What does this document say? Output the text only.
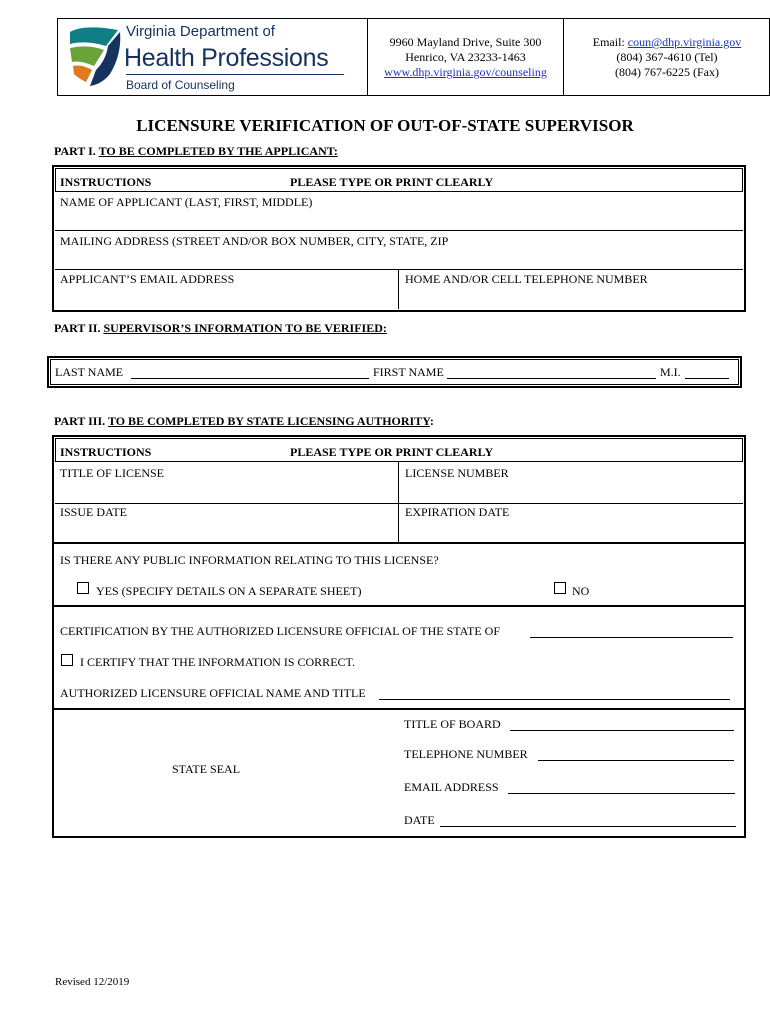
Virginia Department of
Health Professions
Board of Counseling
9960 Mayland Drive, Suite 300
Henrico, VA 23233-1463
www.dhp.virginia.gov/counseling
Email: coun@dhp.virginia.gov
(804) 367-4610 (Tel)
(804) 767-6225 (Fax)
LICENSURE VERIFICATION OF OUT-OF-STATE SUPERVISOR
PART I. TO BE COMPLETED BY THE APPLICANT:
INSTRUCTIONS	PLEASE TYPE OR PRINT CLEARLY
NAME OF APPLICANT (LAST, FIRST, MIDDLE)
MAILING ADDRESS (STREET AND/OR BOX NUMBER, CITY, STATE, ZIP
APPLICANT’S EMAIL ADDRESS	HOME AND/OR CELL TELEPHONE NUMBER
PART II. SUPERVISOR’S INFORMATION TO BE VERIFIED:
LAST NAME	FIRST NAME	M.I.
PART III. TO BE COMPLETED BY STATE LICENSING AUTHORITY:
INSTRUCTIONS	PLEASE TYPE OR PRINT CLEARLY
TITLE OF LICENSE	LICENSE NUMBER
ISSUE DATE	EXPIRATION DATE
IS THERE ANY PUBLIC INFORMATION RELATING TO THIS LICENSE?
YES (SPECIFY DETAILS ON A SEPARATE SHEET)	NO
CERTIFICATION BY THE AUTHORIZED LICENSURE OFFICIAL OF THE STATE OF
I CERTIFY THAT THE INFORMATION IS CORRECT.
AUTHORIZED LICENSURE OFFICIAL NAME AND TITLE
STATE SEAL
TITLE OF BOARD
TELEPHONE NUMBER
EMAIL ADDRESS
DATE
Revised 12/2019
